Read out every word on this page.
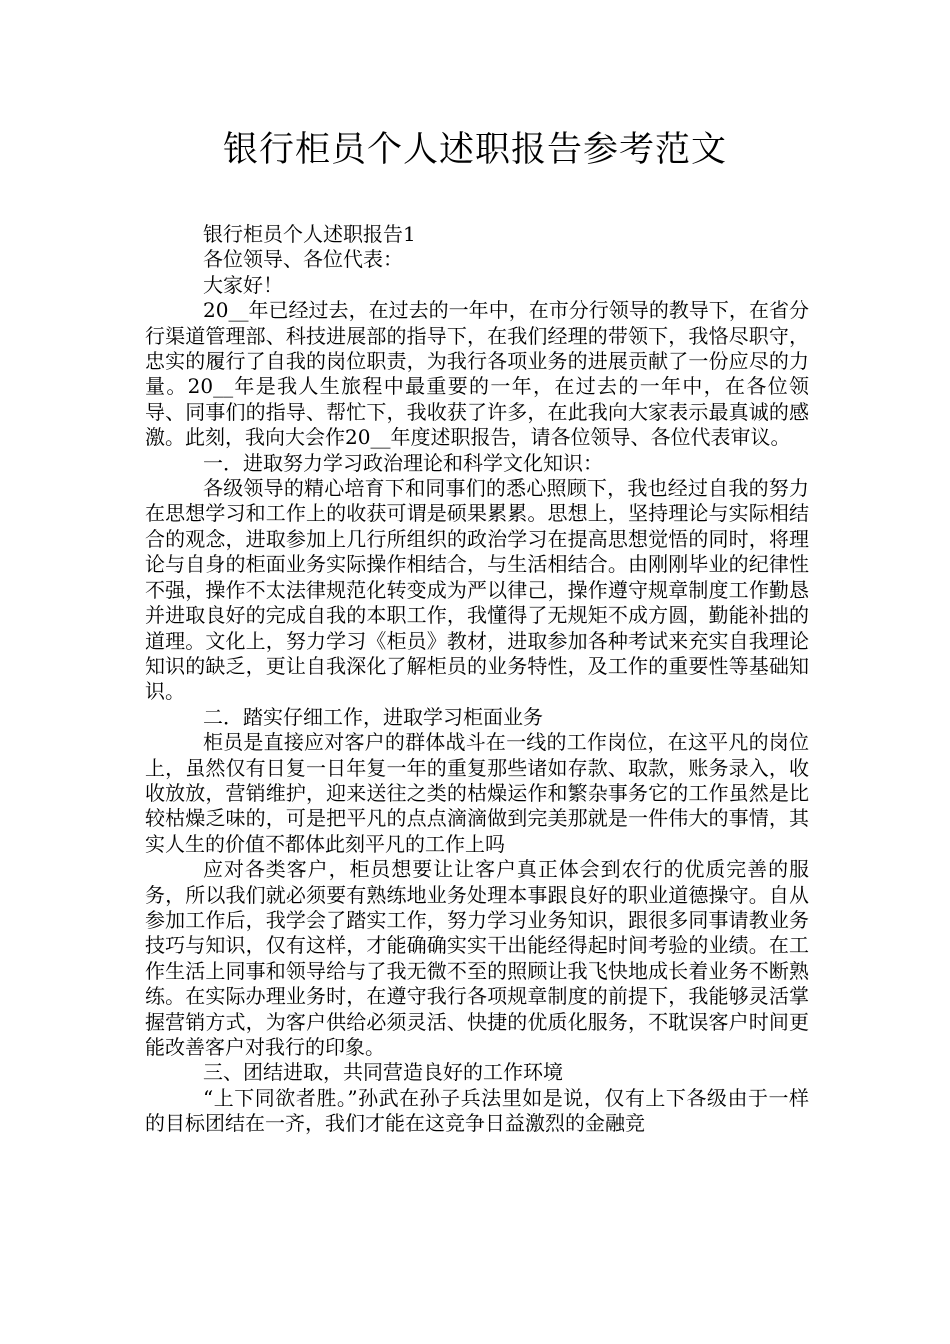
银行柜员个人述职报告参考范文

银行柜员个人述职报告1

各位领导、各位代表：

大家好！

20__年已经过去，在过去的一年中，在市分行领导的教导下，在省分行渠道管理部、科技进展部的指导下，在我们经理的带领下，我恪尽职守，忠实的履行了自我的岗位职责，为我行各项业务的进展贡献了一份应尽的力量。20__年是我人生旅程中最重要的一年，在过去的一年中，在各位领导、同事们的指导、帮忙下，我收获了许多，在此我向大家表示最真诚的感激。此刻，我向大会作20__年度述职报告，请各位领导、各位代表审议。

一．进取努力学习政治理论和科学文化知识：

各级领导的精心培育下和同事们的悉心照顾下，我也经过自我的努力在思想学习和工作上的收获可谓是硕果累累。思想上，坚持理论与实际相结合的观念，进取参加上几行所组织的政治学习在提高思想觉悟的同时，将理论与自身的柜面业务实际操作相结合，与生活相结合。由刚刚毕业的纪律性不强，操作不太法律规范化转变成为严以律己，操作遵守规章制度工作勤恳并进取良好的完成自我的本职工作，我懂得了无规矩不成方圆，勤能补拙的道理。文化上，努力学习《柜员》教材，进取参加各种考试来充实自我理论知识的缺乏，更让自我深化了解柜员的业务特性，及工作的重要性等基础知识。

二．踏实仔细工作，进取学习柜面业务

柜员是直接应对客户的群体战斗在一线的工作岗位，在这平凡的岗位上，虽然仅有日复一日年复一年的重复那些诸如存款、取款，账务录入，收收放放，营销维护，迎来送往之类的枯燥运作和繁杂事务它的工作虽然是比较枯燥乏味的，可是把平凡的点点滴滴做到完美那就是一件伟大的事情，其实人生的价值不都体此刻平凡的工作上吗

应对各类客户，柜员想要让让客户真正体会到农行的优质完善的服务，所以我们就必须要有熟练地业务处理本事跟良好的职业道德操守。自从参加工作后，我学会了踏实工作，努力学习业务知识，跟很多同事请教业务技巧与知识，仅有这样，才能确确实实干出能经得起时间考验的业绩。在工作生活上同事和领导给与了我无微不至的照顾让我飞快地成长着业务不断熟练。在实际办理业务时，在遵守我行各项规章制度的前提下，我能够灵活掌握营销方式，为客户供给必须灵活、快捷的优质化服务，不耽误客户时间更能改善客户对我行的印象。

三、团结进取，共同营造良好的工作环境

“上下同欲者胜。”孙武在孙子兵法里如是说，仅有上下各级由于一样的目标团结在一齐，我们才能在这竞争日益激烈的金融竞
